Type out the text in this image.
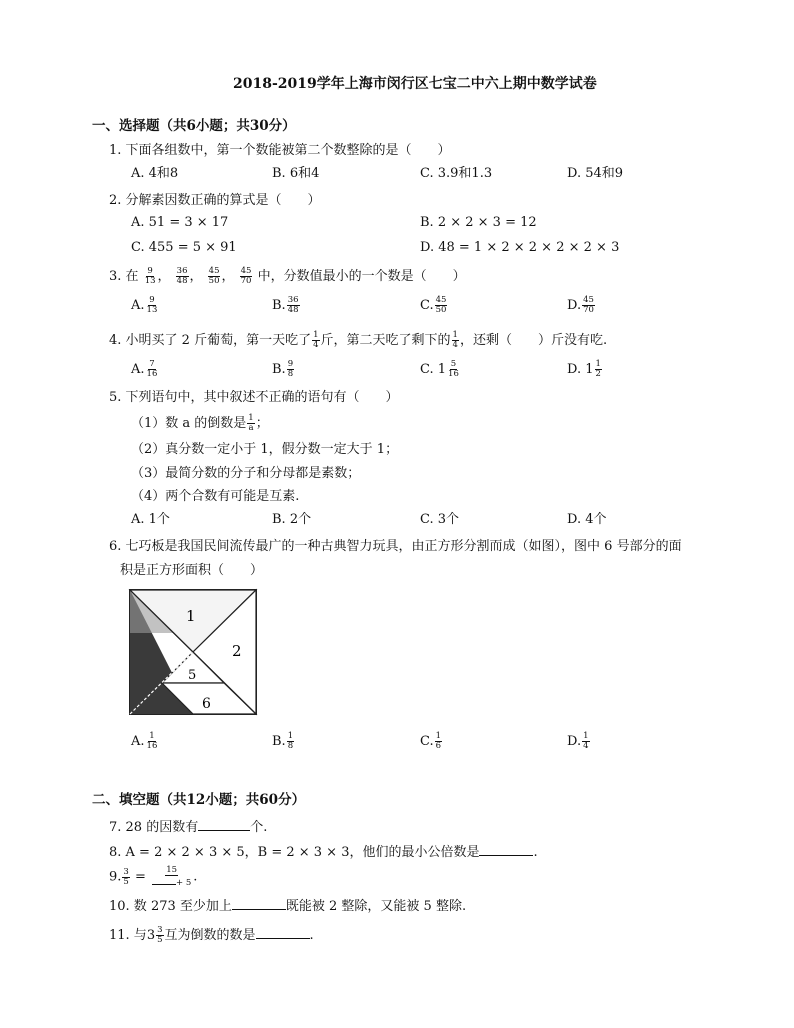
2018-2019学年上海市闵行区七宝二中六上期中数学试卷
一、选择题（共6小题；共30分）
1. 下面各组数中，第一个数能被第二个数整除的是（　　）
A. 4和8	B. 6和4	C. 3.9和1.3	D. 54和9
2. 分解素因数正确的算式是（　　）
A. 51 = 3 × 17	B. 2 × 2 × 3 = 12
C. 455 = 5 × 91	D. 48 = 1 × 2 × 2 × 2 × 2 × 3
3. 在 $\frac{9}{13}$ ， $\frac{36}{48}$ ， $\frac{45}{50}$ ， $\frac{45}{70}$ 中，分数值最小的一个数是（　　）
A. $\frac{9}{13}$	B. $\frac{36}{48}$	C. $\frac{45}{50}$	D. $\frac{45}{70}$
4. 小明买了 2 斤葡萄，第一天吃了 $\frac{1}{4}$ 斤，第二天吃了剩下的 $\frac{1}{4}$ ，还剩（　　）斤没有吃.
A. $\frac{7}{16}$	B. $\frac{9}{8}$	C. $1 \frac{5}{16}$	D. $1 \frac{1}{2}$
5. 下列语句中，其中叙述不正确的语句有（　　）
（1）数 a 的倒数是 $\frac{1}{a}$ ；
（2）真分数一定小于 1，假分数一定大于 1；
（3）最简分数的分子和分母都是素数；
（4）两个合数有可能是互素.
A. 1个	B. 2个	C. 3个	D. 4个
6. 七巧板是我国民间流传最广的一种古典智力玩具，由正方形分割而成（如图），图中 6 号部分的面
积是正方形面积（　　）
1
2
5
6
A. $\frac{1}{16}$	B. $\frac{1}{8}$	C. $\frac{1}{6}$	D. $\frac{1}{4}$
二、填空题（共12小题；共60分）
7. 28 的因数有	个.
8. A = 2 × 2 × 3 × 5，B = 2 × 3 × 3，他们的最小公倍数是	.
9. $\frac{3}{5} = \frac{15}{+ 5}$ .
10. 数 273 至少加上	既能被 2 整除，又能被 5 整除.
11. 与$3 \frac{3}{5}$ 互为倒数的数是	.
